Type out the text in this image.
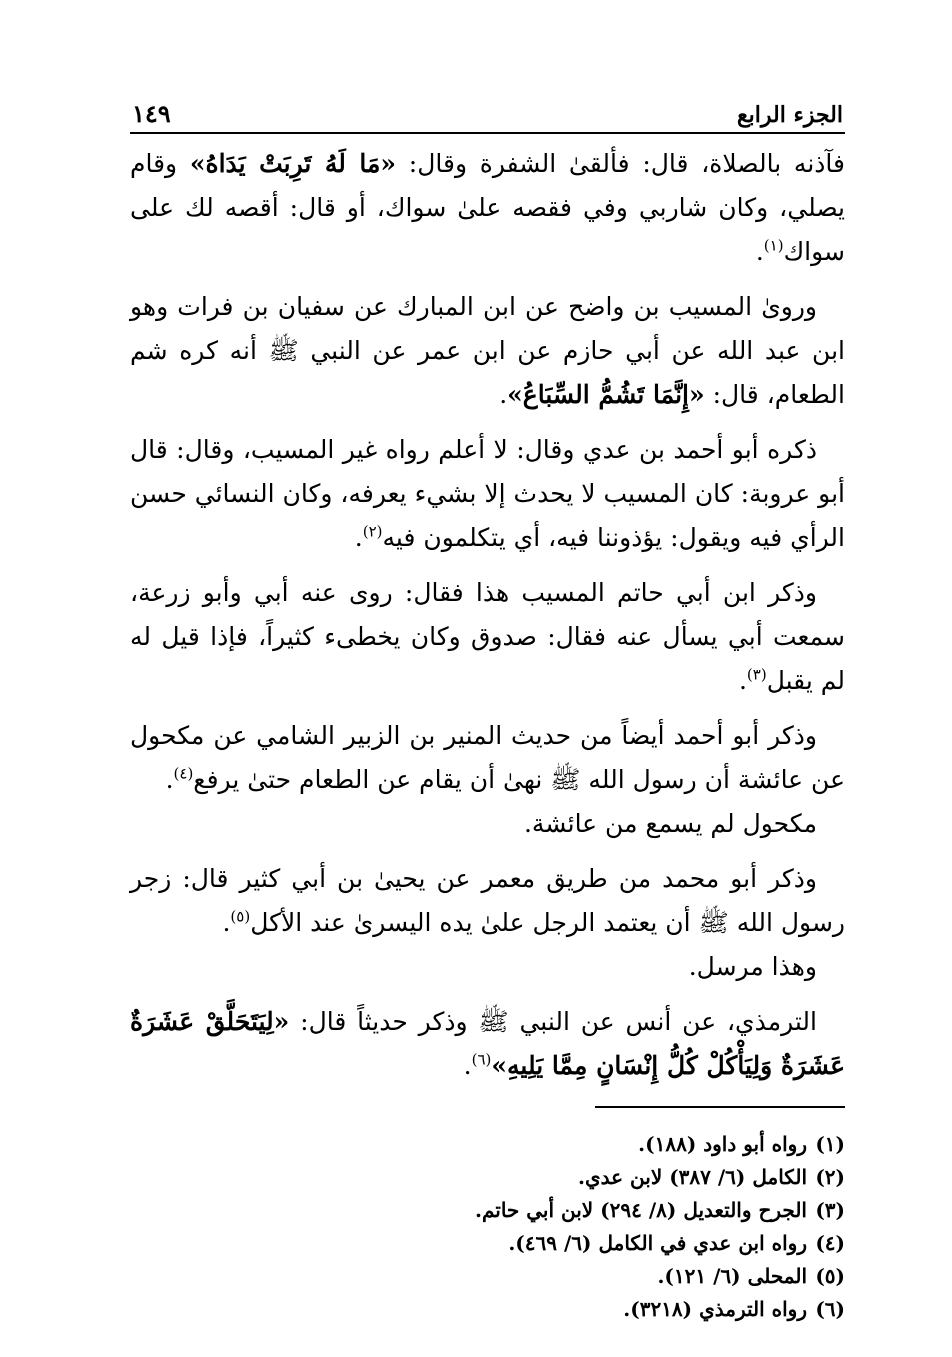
الجزء الرابع
١٤٩

فآذنه بالصلاة، قال: فألقىٰ الشفرة وقال: «مَا لَهُ تَرِبَتْ يَدَاهُ» وقام يصلي، وكان شاربي وفي فقصه علىٰ سواك، أو قال: أقصه لك على سواك$^{(١)}$.

وروىٰ المسيب بن واضح عن ابن المبارك عن سفيان بن فرات وهو ابن عبد الله عن أبي حازم عن ابن عمر عن النبي ﷺ أنه كره شم الطعام، قال: «إِنَّمَا تَشُمُّ السِّبَاعُ».

ذكره أبو أحمد بن عدي وقال: لا أعلم رواه غير المسيب، وقال: قال أبو عروبة: كان المسيب لا يحدث إلا بشيء يعرفه، وكان النسائي حسن الرأي فيه ويقول: يؤذوننا فيه، أي يتكلمون فيه$^{(٢)}$.

وذكر ابن أبي حاتم المسيب هذا فقال: روى عنه أبي وأبو زرعة، سمعت أبي يسأل عنه فقال: صدوق وكان يخطىء كثيراً، فإذا قيل له لم يقبل$^{(٣)}$.

وذكر أبو أحمد أيضاً من حديث المنير بن الزبير الشامي عن مكحول عن عائشة أن رسول الله ﷺ نهىٰ أن يقام عن الطعام حتىٰ يرفع$^{(٤)}$.

مكحول لم يسمع من عائشة.

وذكر أبو محمد من طريق معمر عن يحيىٰ بن أبي كثير قال: زجر رسول الله ﷺ أن يعتمد الرجل علىٰ يده اليسرىٰ عند الأكل$^{(٥)}$.

وهذا مرسل.

الترمذي، عن أنس عن النبي ﷺ وذكر حديثاً قال: «لِيَتَحَلَّقْ عَشَرَةٌ عَشَرَةٌ وَلِيَأْكُلْ كُلُّ إِنْسَانٍ مِمَّا يَلِيهِ»$^{(٦)}$.

(١)رواه أبو داود (١٨٨).
(٢)الكامل (٦/ ٣٨٧) لابن عدي.
(٣)الجرح والتعديل (٨/ ٢٩٤) لابن أبي حاتم.
(٤)رواه ابن عدي في الكامل (٦/ ٤٦٩).
(٥)المحلى (٦/ ١٢١).
(٦)رواه الترمذي (٣٢١٨).
